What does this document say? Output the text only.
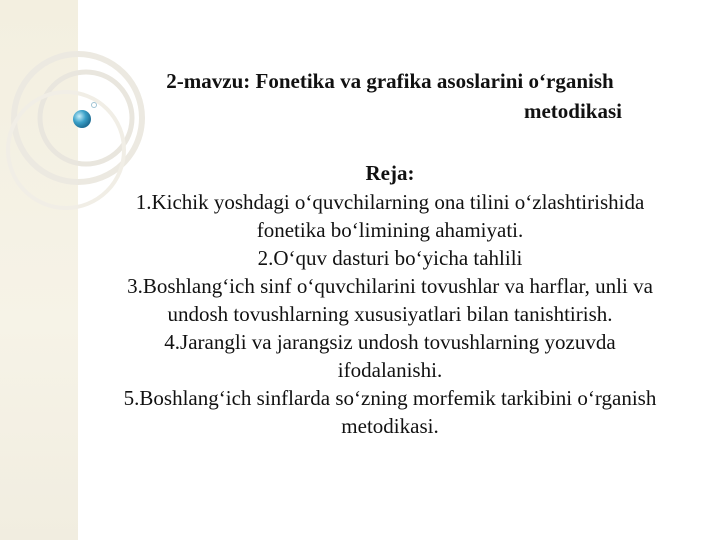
2-mavzu: Fonetika va grafika asoslarini o‘rganish
metodikasi
Reja:
1.Kichik yoshdagi o‘quvchilarning ona tilini o‘zlashtirishida fonetika bo‘limining ahamiyati.
2.O‘quv dasturi bo‘yicha tahlili
3.Boshlang‘ich sinf o‘quvchilarini tovushlar va harflar, unli va undosh tovushlarning xususiyatlari bilan tanishtirish.
4.Jarangli va jarangsiz undosh tovushlarning yozuvda ifodalanishi.
5.Boshlang‘ich sinflarda so‘zning morfemik tarkibini o‘rganish metodikasi.
